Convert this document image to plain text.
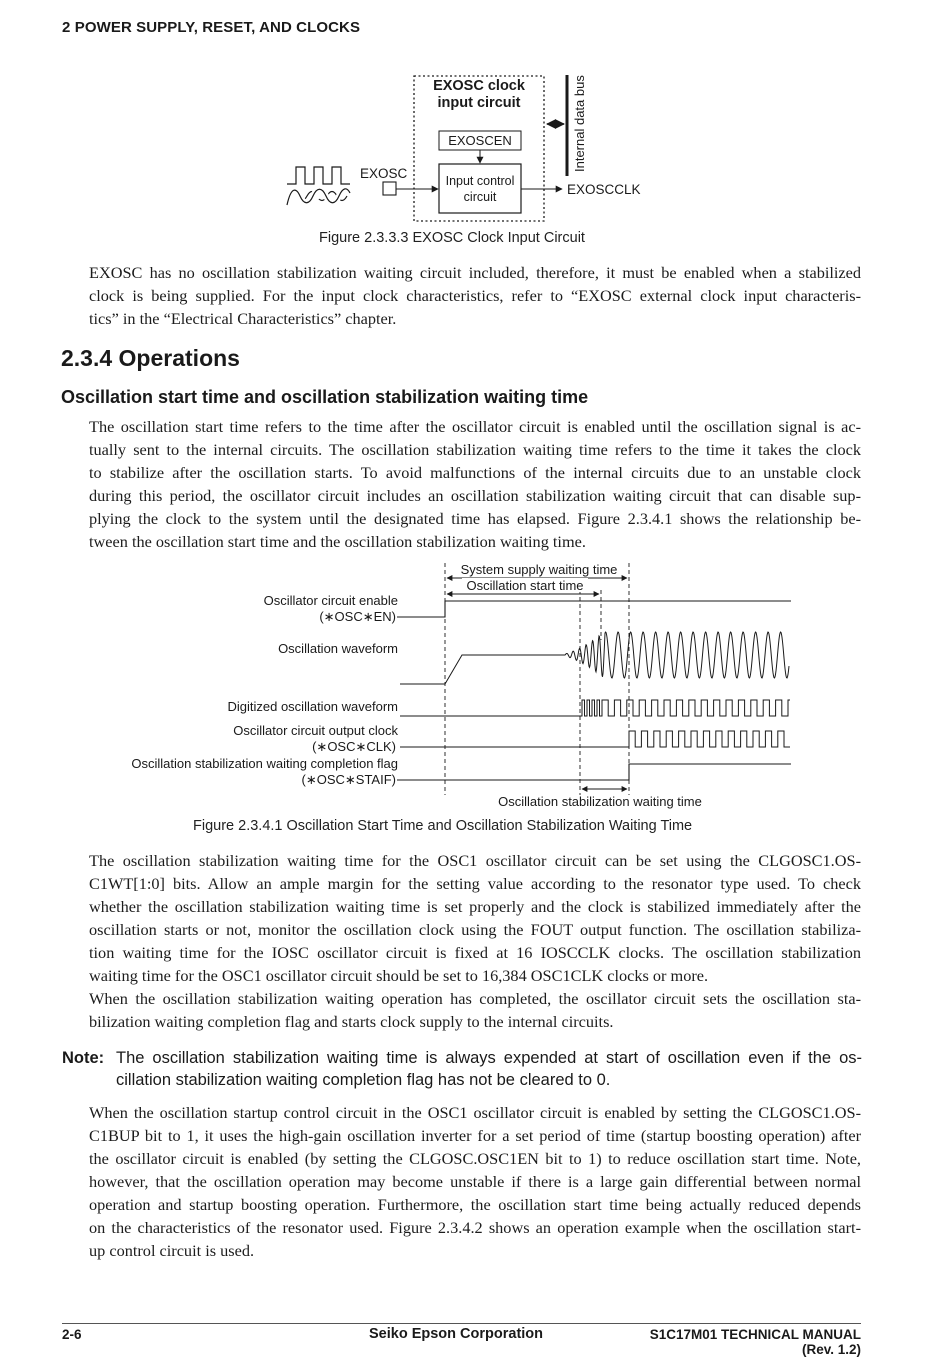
2 POWER SUPPLY, RESET, AND CLOCKS
EXOSC clock
input circuit
EXOSCEN
Input control
circuit
EXOSC
EXOSCCLK
Internal data bus
Figure 2.3.3.3 EXOSC Clock Input Circuit
EXOSC has no oscillation stabilization waiting circuit included, therefore, it must be enabled when a stabilized
clock is being supplied. For the input clock characteristics, refer to “EXOSC external clock input characteris-
tics” in the “Electrical Characteristics” chapter.
2.3.4 Operations
Oscillation start time and oscillation stabilization waiting time
The oscillation start time refers to the time after the oscillator circuit is enabled until the oscillation signal is ac-
tually sent to the internal circuits. The oscillation stabilization waiting time refers to the time it takes the clock
to stabilize after the oscillation starts. To avoid malfunctions of the internal circuits due to an unstable clock
during this period, the oscillator circuit includes an oscillation stabilization waiting circuit that can disable sup-
plying the clock to the system until the designated time has elapsed. Figure 2.3.4.1 shows the relationship be-
tween the oscillation start time and the oscillation stabilization waiting time.
System supply waiting time
Oscillation start time
Oscillator circuit enable
(∗OSC∗EN)
Oscillation waveform
Digitized oscillation waveform
Oscillator circuit output clock
(∗OSC∗CLK)
Oscillation stabilization waiting completion flag
(∗OSC∗STAIF)
Oscillation stabilization waiting time
Figure 2.3.4.1 Oscillation Start Time and Oscillation Stabilization Waiting Time
The oscillation stabilization waiting time for the OSC1 oscillator circuit can be set using the CLGOSC1.OS-
C1WT[1:0] bits. Allow an ample margin for the setting value according to the resonator type used. To check
whether the oscillation stabilization waiting time is set properly and the clock is stabilized immediately after the
oscillation starts or not, monitor the oscillation clock using the FOUT output function. The oscillation stabiliza-
tion waiting time for the IOSC oscillator circuit is fixed at 16 IOSCCLK clocks. The oscillation stabilization
waiting time for the OSC1 oscillator circuit should be set to 16,384 OSC1CLK clocks or more.
When the oscillation stabilization waiting operation has completed, the oscillator circuit sets the oscillation sta-
bilization waiting completion flag and starts clock supply to the internal circuits.
Note: The oscillation stabilization waiting time is always expended at start of oscillation even if the os-
cillation stabilization waiting completion flag has not be cleared to 0.
When the oscillation startup control circuit in the OSC1 oscillator circuit is enabled by setting the CLGOSC1.OS-
C1BUP bit to 1, it uses the high-gain oscillation inverter for a set period of time (startup boosting operation) after
the oscillator circuit is enabled (by setting the CLGOSC.OSC1EN bit to 1) to reduce oscillation start time. Note,
however, that the oscillation operation may become unstable if there is a large gain differential between normal
operation and startup boosting operation. Furthermore, the oscillation start time being actually reduced depends
on the characteristics of the resonator used. Figure 2.3.4.2 shows an operation example when the oscillation start-
up control circuit is used.
2-6	Seiko Epson Corporation	S1C17M01 TECHNICAL MANUAL
(Rev. 1.2)
